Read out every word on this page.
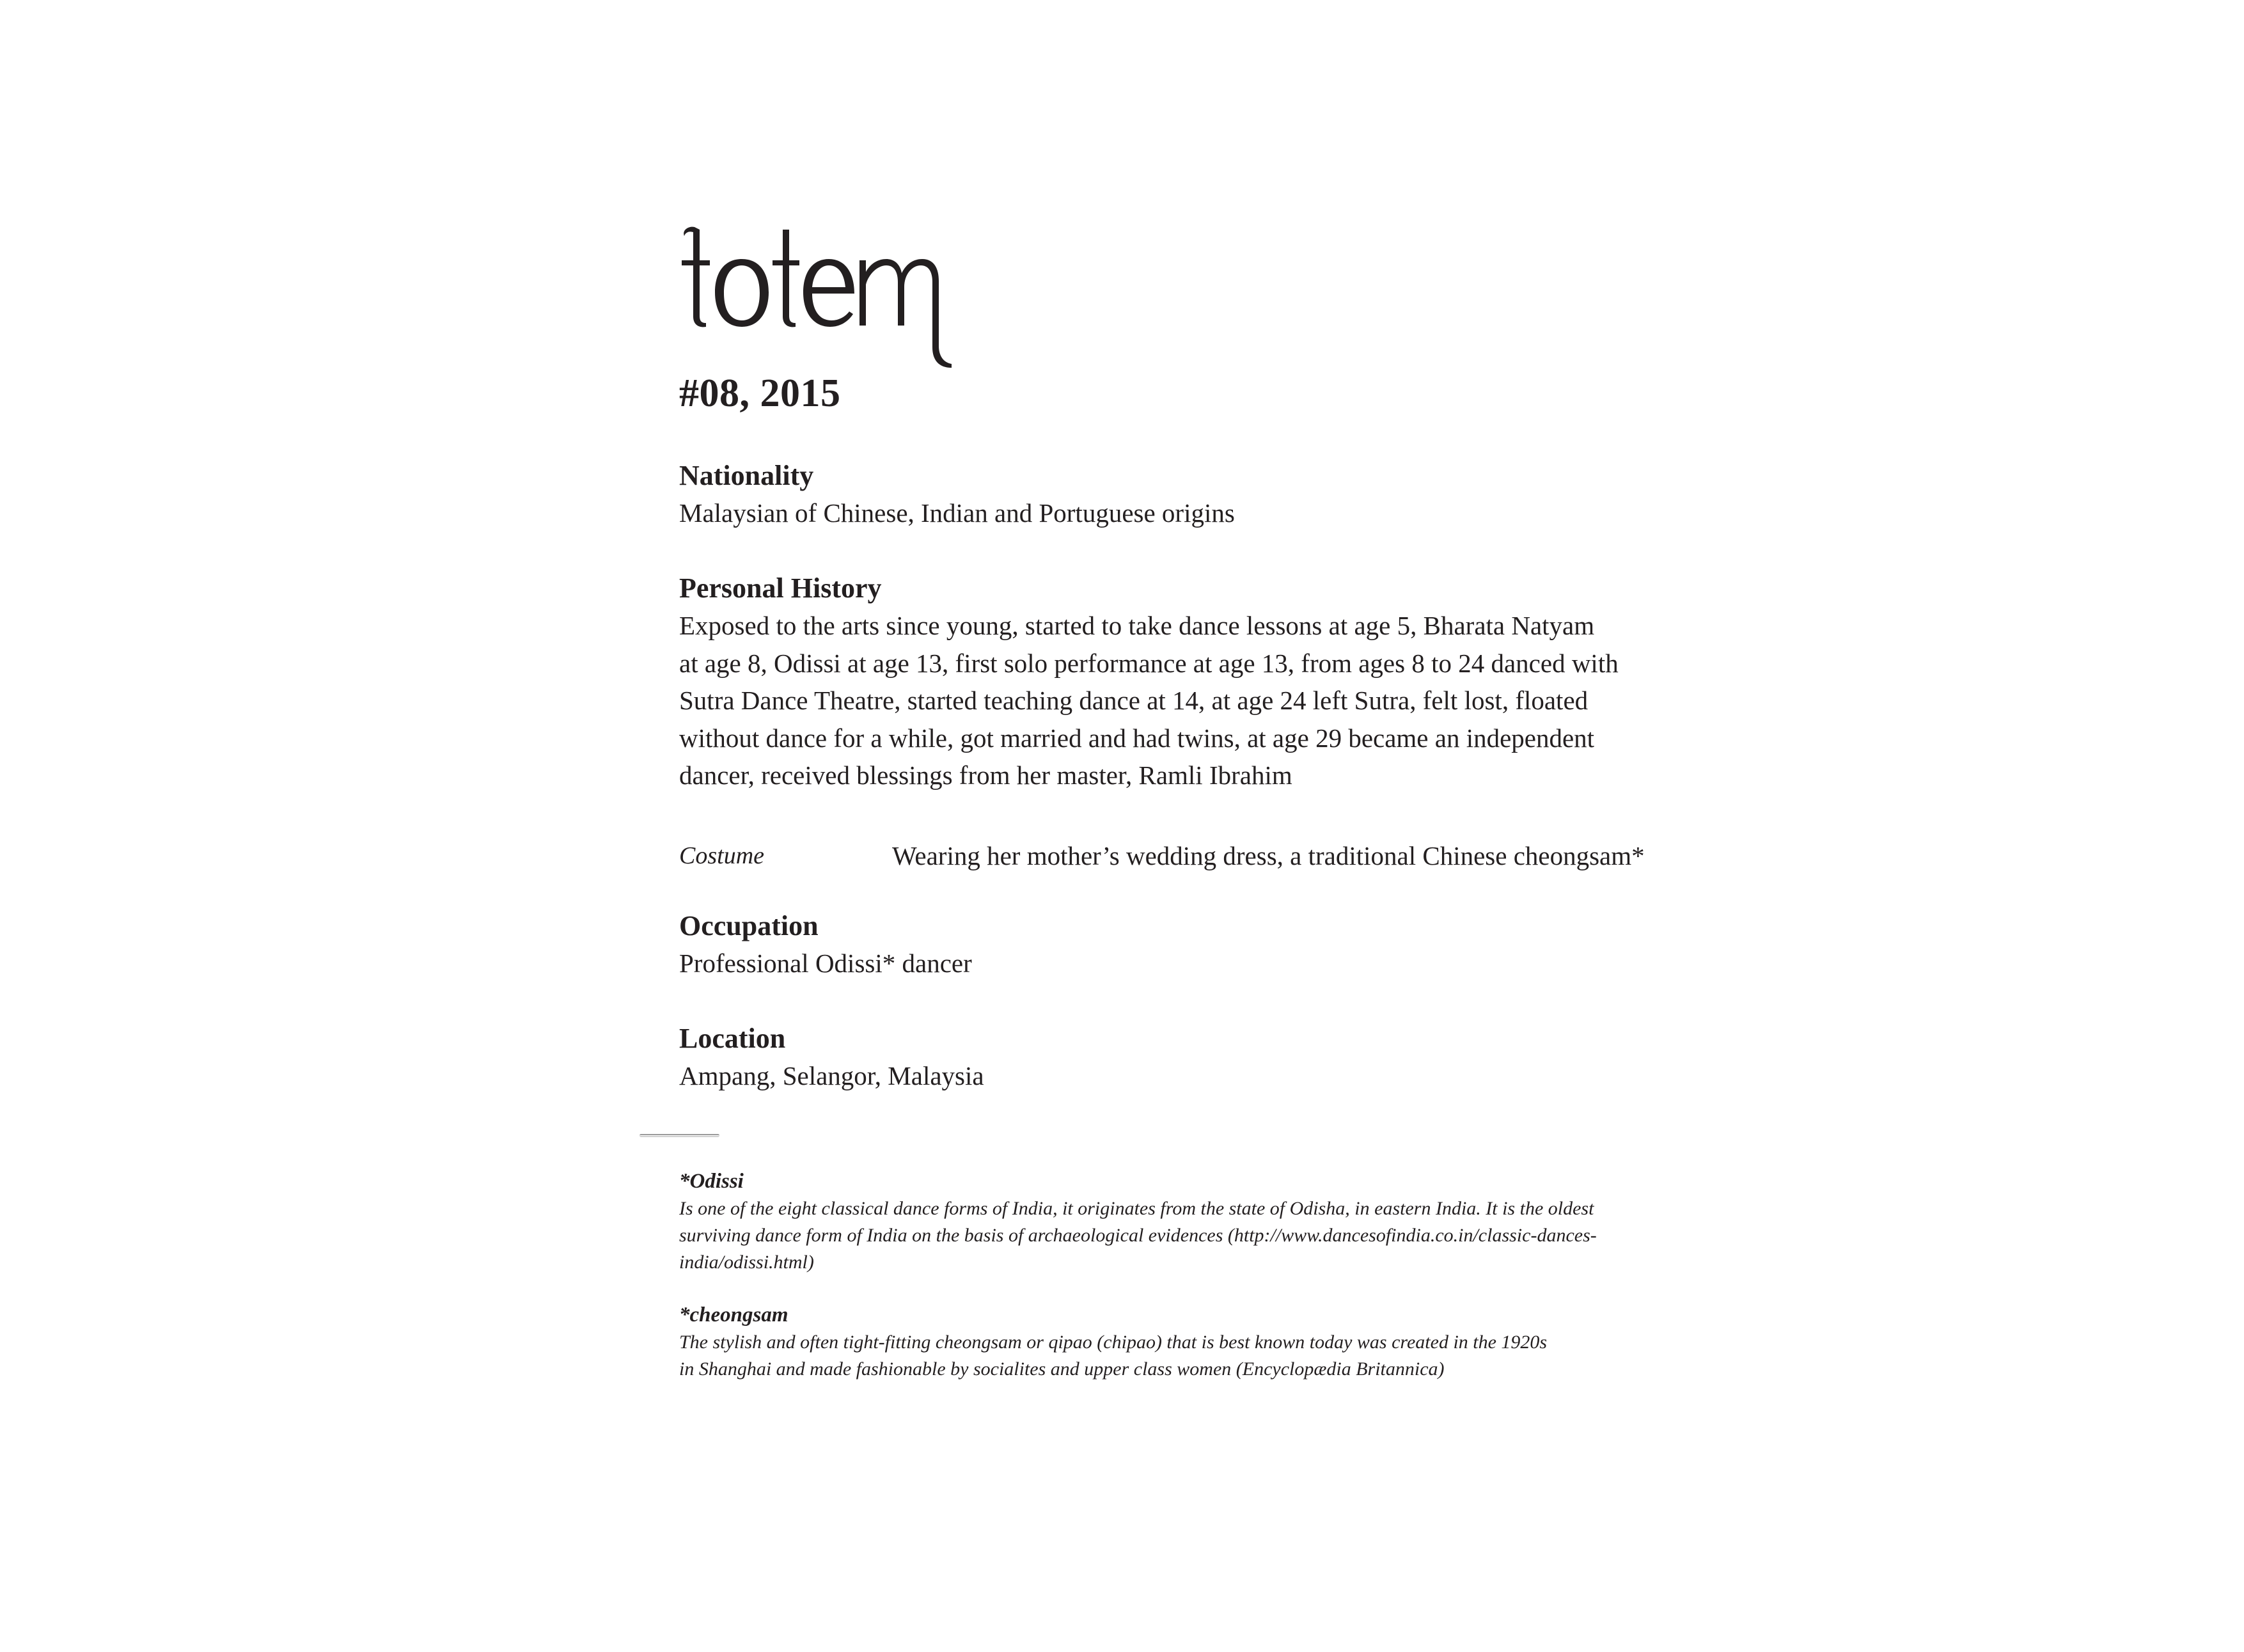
#08, 2015
Nationality
Malaysian of Chinese, Indian and Portuguese origins
Personal History
Exposed to the arts since young, started to take dance lessons at age 5, Bharata Natyam
at age 8, Odissi at age 13, first solo performance at age 13, from ages 8 to 24 danced with
Sutra Dance Theatre, started teaching dance at 14, at age 24 left Sutra, felt lost, floated
without dance for a while, got married and had twins, at age 29 became an independent
dancer, received blessings from her master, Ramli Ibrahim
Costume	Wearing her mother’s wedding dress, a traditional Chinese cheongsam*
Occupation
Professional Odissi* dancer
Location
Ampang, Selangor, Malaysia
*Odissi
Is one of the eight classical dance forms of India, it originates from the state of Odisha, in eastern India. It is the oldest
surviving dance form of India on the basis of archaeological evidences (http://www.dancesofindia.co.in/classic-dances-
india/odissi.html)
*cheongsam
The stylish and often tight-fitting cheongsam or qipao (chipao) that is best known today was created in the 1920s
in Shanghai and made fashionable by socialites and upper class women (Encyclopædia Britannica)
